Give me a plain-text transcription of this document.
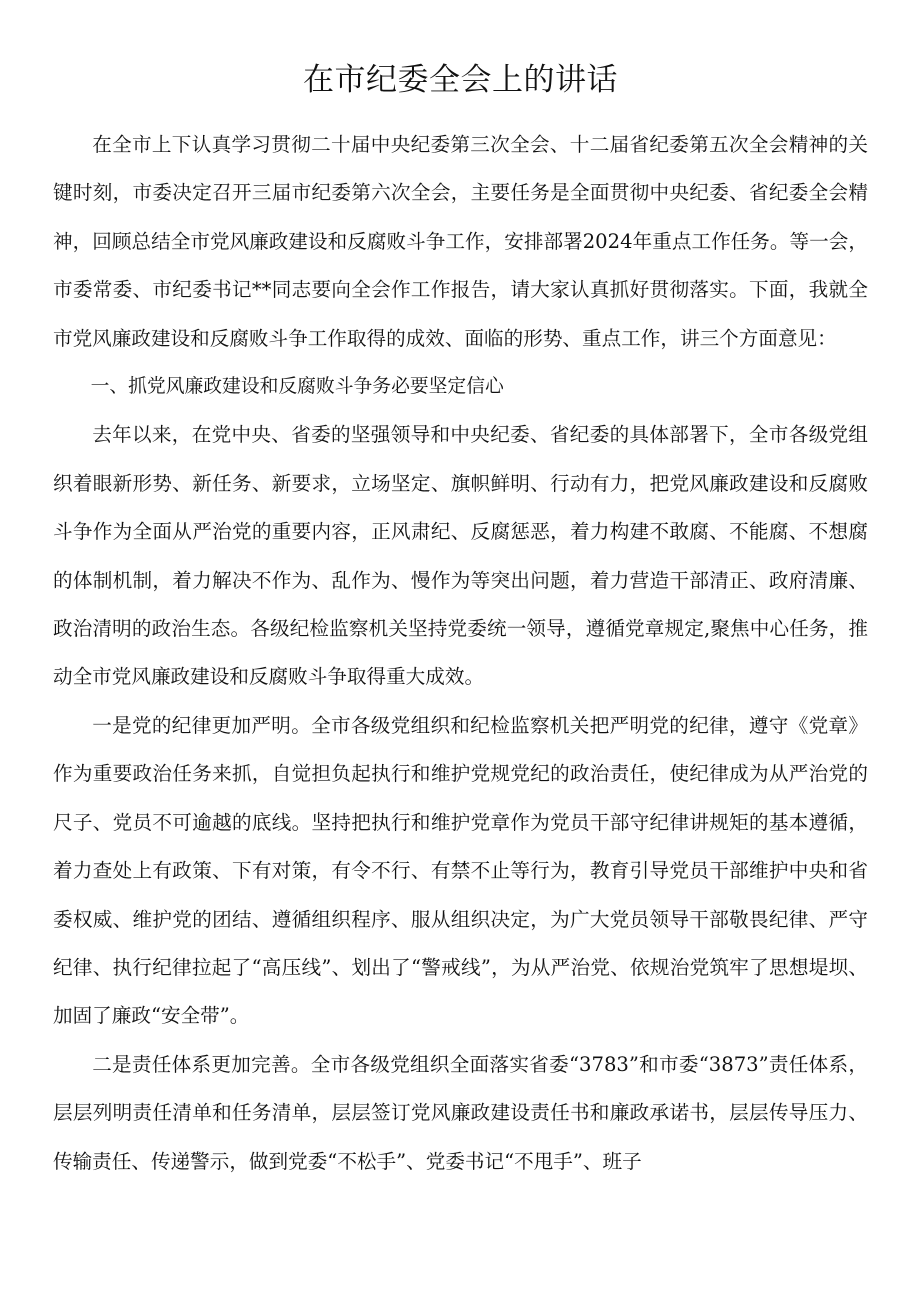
在市纪委全会上的讲话

在全市上下认真学习贯彻二十届中央纪委第三次全会、十二届省纪委第五次全会精神的关键时刻，市委决定召开三届市纪委第六次全会，主要任务是全面贯彻中央纪委、省纪委全会精神，回顾总结全市党风廉政建设和反腐败斗争工作，安排部署2024年重点工作任务。等一会，市委常委、市纪委书记**同志要向全会作工作报告，请大家认真抓好贯彻落实。下面，我就全市党风廉政建设和反腐败斗争工作取得的成效、面临的形势、重点工作，讲三个方面意见：

一、抓党风廉政建设和反腐败斗争务必要坚定信心

去年以来，在党中央、省委的坚强领导和中央纪委、省纪委的具体部署下，全市各级党组织着眼新形势、新任务、新要求，立场坚定、旗帜鲜明、行动有力，把党风廉政建设和反腐败斗争作为全面从严治党的重要内容，正风肃纪、反腐惩恶，着力构建不敢腐、不能腐、不想腐的体制机制，着力解决不作为、乱作为、慢作为等突出问题，着力营造干部清正、政府清廉、政治清明的政治生态。各级纪检监察机关坚持党委统一领导，遵循党章规定,聚焦中心任务，推动全市党风廉政建设和反腐败斗争取得重大成效。

一是党的纪律更加严明。全市各级党组织和纪检监察机关把严明党的纪律，遵守《党章》作为重要政治任务来抓，自觉担负起执行和维护党规党纪的政治责任，使纪律成为从严治党的尺子、党员不可逾越的底线。坚持把执行和维护党章作为党员干部守纪律讲规矩的基本遵循，着力查处上有政策、下有对策，有令不行、有禁不止等行为，教育引导党员干部维护中央和省委权威、维护党的团结、遵循组织程序、服从组织决定，为广大党员领导干部敬畏纪律、严守纪律、执行纪律拉起了“高压线”、划出了“警戒线”，为从严治党、依规治党筑牢了思想堤坝、加固了廉政“安全带”。

二是责任体系更加完善。全市各级党组织全面落实省委“3783”和市委“3873”责任体系，层层列明责任清单和任务清单，层层签订党风廉政建设责任书和廉政承诺书，层层传导压力、传输责任、传递警示，做到党委“不松手”、党委书记“不甩手”、班子
